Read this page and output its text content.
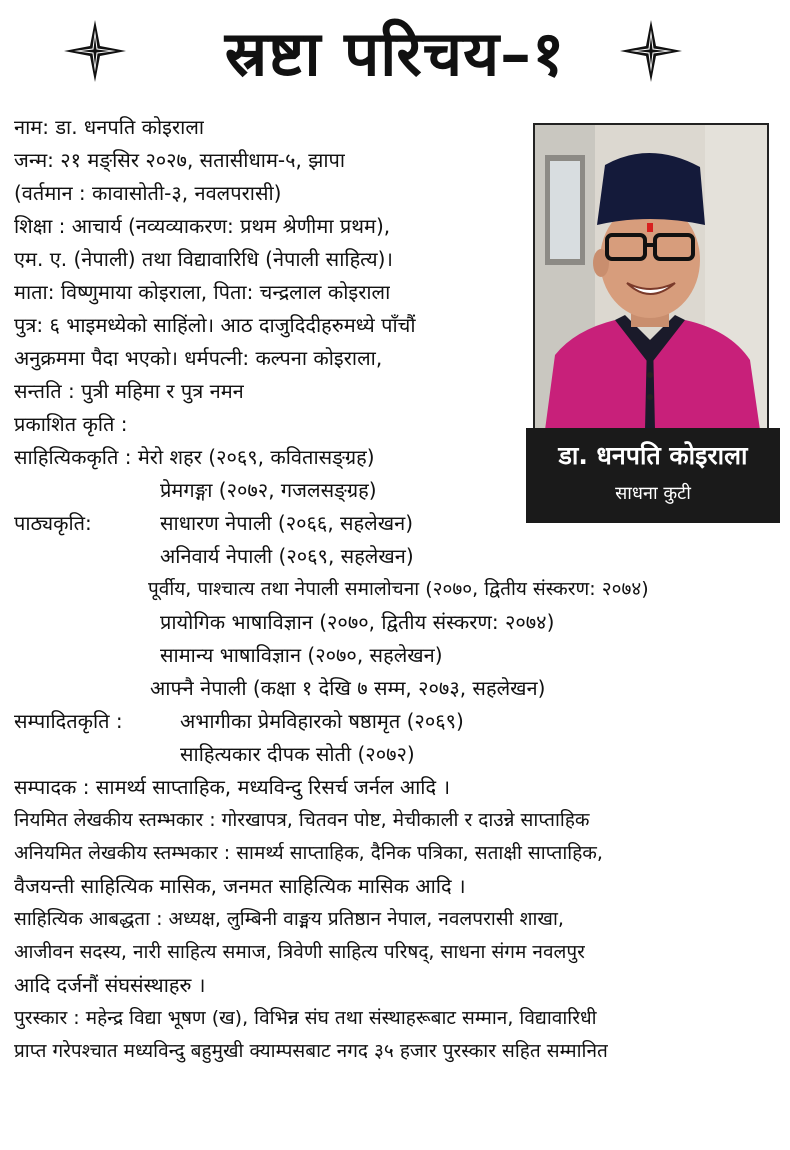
स्रष्टा परिचय–१
डा. धनपति कोइराला
साधना कुटी
नाम: डा. धनपति कोइराला
जन्म: २१ मङ्सिर २०२७, सतासीधाम-५, झापा
(वर्तमान : कावासोती-३, नवलपरासी)
शिक्षा : आचार्य (नव्यव्याकरण: प्रथम श्रेणीमा प्रथम),
एम. ए. (नेपाली) तथा विद्यावारिधि (नेपाली साहित्य)।
माता: विष्णुमाया कोइराला, पिता: चन्द्रलाल कोइराला
पुत्र: ६ भाइमध्येको साहिंलो। आठ दाजुदिदीहरुमध्ये पाँचौं
अनुक्रममा पैदा भएको। धर्मपत्नी: कल्पना कोइराला,
सन्तति : पुत्री महिमा र पुत्र नमन
प्रकाशित कृति :
साहित्यिककृति : मेरो शहर (२०६९, कवितासङ्ग्रह)
प्रेमगङ्गा (२०७२, गजलसङ्ग्रह)
पाठ्यकृति:	साधारण नेपाली (२०६६, सहलेखन)
अनिवार्य नेपाली (२०६९, सहलेखन)
पूर्वीय, पाश्चात्य तथा नेपाली समालोचना (२०७०, द्वितीय संस्करण: २०७४)
प्रायोगिक भाषाविज्ञान (२०७०, द्वितीय संस्करण: २०७४)
सामान्य भाषाविज्ञान (२०७०, सहलेखन)
आफ्नै नेपाली (कक्षा १ देखि ७ सम्म, २०७३, सहलेखन)
सम्पादितकृति :	अभागीका प्रेमविहारको षष्ठामृत (२०६९)
साहित्यकार दीपक सोती (२०७२)
सम्पादक : सामर्थ्य साप्ताहिक, मध्यविन्दु रिसर्च जर्नल आदि ।
नियमित लेखकीय स्तम्भकार : गोरखापत्र, चितवन पोष्ट, मेचीकाली र दाउन्ने साप्ताहिक
अनियमित लेखकीय स्तम्भकार : सामर्थ्य साप्ताहिक, दैनिक पत्रिका, सताक्षी साप्ताहिक,
वैजयन्ती साहित्यिक मासिक, जनमत साहित्यिक मासिक आदि ।
साहित्यिक आबद्धता : अध्यक्ष, लुम्बिनी वाङ्मय प्रतिष्ठान नेपाल, नवलपरासी शाखा,
आजीवन सदस्य, नारी साहित्य समाज, त्रिवेणी साहित्य परिषद्, साधना संगम नवलपुर
आदि दर्जनौं संघसंस्थाहरु ।
पुरस्कार : महेन्द्र विद्या भूषण (ख), विभिन्न संघ तथा संस्थाहरूबाट सम्मान, विद्यावारिधी
प्राप्त गरेपश्चात मध्यविन्दु बहुमुखी क्याम्पसबाट नगद ३५ हजार पुरस्कार सहित सम्मानित
